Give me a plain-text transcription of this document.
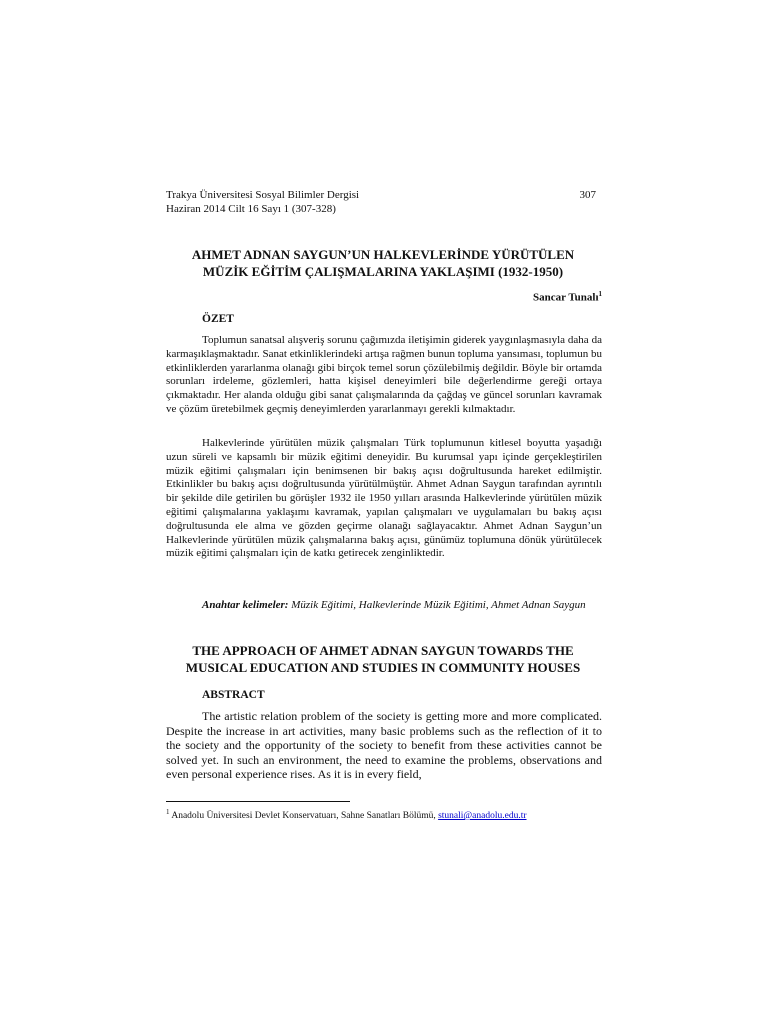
Trakya Üniversitesi Sosyal Bilimler Dergisi	307
Haziran 2014 Cilt 16 Sayı 1 (307-328)
AHMET ADNAN SAYGUN’UN HALKEVLERİNDE YÜRÜTÜLEN
MÜZİK EĞİTİM ÇALIŞMALARINA YAKLAŞIMI (1932-1950)
Sancar Tunalı$^1$
ÖZET

Toplumun sanatsal alışveriş sorunu çağımızda iletişimin giderek yaygınlaşmasıyla daha da karmaşıklaşmaktadır. Sanat etkinliklerindeki artışa rağmen bunun topluma yansıması, toplumun bu etkinliklerden yararlanma olanağı gibi birçok temel sorun çözülebilmiş değildir. Böyle bir ortamda sorunları irdeleme, gözlemleri, hatta kişisel deneyimleri bile değerlendirme gereği ortaya çıkmaktadır. Her alanda olduğu gibi sanat çalışmalarında da çağdaş ve güncel sorunları kavramak ve çözüm üretebilmek geçmiş deneyimlerden yararlanmayı gerekli kılmaktadır.

Halkevlerinde yürütülen müzik çalışmaları Türk toplumunun kitlesel boyutta yaşadığı uzun süreli ve kapsamlı bir müzik eğitimi deneyidir. Bu kurumsal yapı içinde gerçekleştirilen müzik eğitimi çalışmaları için benimsenen bir bakış açısı doğrultusunda hareket edilmiştir. Etkinlikler bu bakış açısı doğrultusunda yürütülmüştür. Ahmet Adnan Saygun tarafından ayrıntılı bir şekilde dile getirilen bu görüşler 1932 ile 1950 yılları arasında Halkevlerinde yürütülen müzik eğitimi çalışmalarına yaklaşımı kavramak, yapılan çalışmaları ve uygulamaları bu bakış açısı doğrultusunda ele alma ve gözden geçirme olanağı sağlayacaktır. Ahmet Adnan Saygun’un Halkevlerinde yürütülen müzik çalışmalarına bakış açısı, günümüz toplumuna dönük yürütülecek müzik eğitimi çalışmaları için de katkı getirecek zenginliktedir.

Anahtar kelimeler: Müzik Eğitimi, Halkevlerinde Müzik Eğitimi, Ahmet Adnan Saygun
THE APPROACH OF AHMET ADNAN SAYGUN TOWARDS THE
MUSICAL EDUCATION AND STUDIES IN COMMUNITY HOUSES
ABSTRACT

The artistic relation problem of the society is getting more and more complicated. Despite the increase in art activities, many basic problems such as the reflection of it to the society and the opportunity of the society to benefit from these activities cannot be solved yet. In such an environment, the need to examine the problems, observations and even personal experience rises. As it is in every field,

$^1$ Anadolu Üniversitesi Devlet Konservatuarı, Sahne Sanatları Bölümü, stunali@anadolu.edu.tr
